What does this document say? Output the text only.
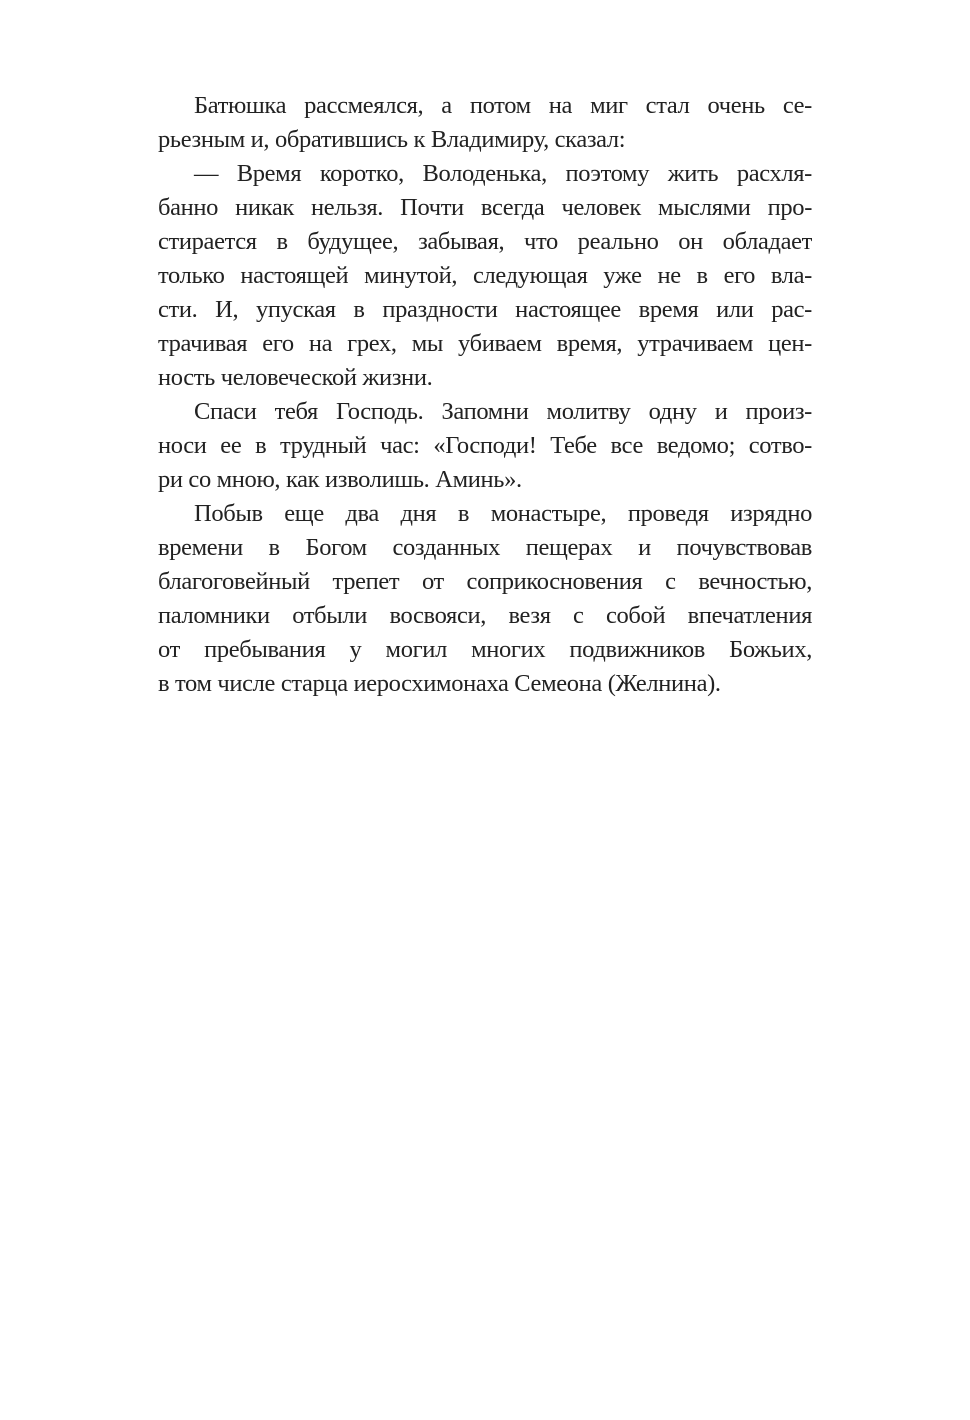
Батюшка рассмеялся, а потом на миг стал очень се-
рьезным и, обратившись к Владимиру, сказал:
— Время коротко, Володенька, поэтому жить расхля-
банно никак нельзя. Почти всегда человек мыслями про-
стирается в будущее, забывая, что реально он обладает
только настоящей минутой, следующая уже не в его вла-
сти. И, упуская в праздности настоящее время или рас-
трачивая его на грех, мы убиваем время, утрачиваем цен-
ность человеческой жизни.
Спаси тебя Господь. Запомни молитву одну и произ-
носи ее в трудный час: «Господи! Тебе все ведомо; сотво-
ри со мною, как изволишь. Аминь».
Побыв еще два дня в монастыре, проведя изрядно
времени в Богом созданных пещерах и почувствовав
благоговейный трепет от соприкосновения с вечностью,
паломники отбыли восвояси, везя с собой впечатления
от пребывания у могил многих подвижников Божьих,
в том числе старца иеросхимонаха Семеона (Желнина).
